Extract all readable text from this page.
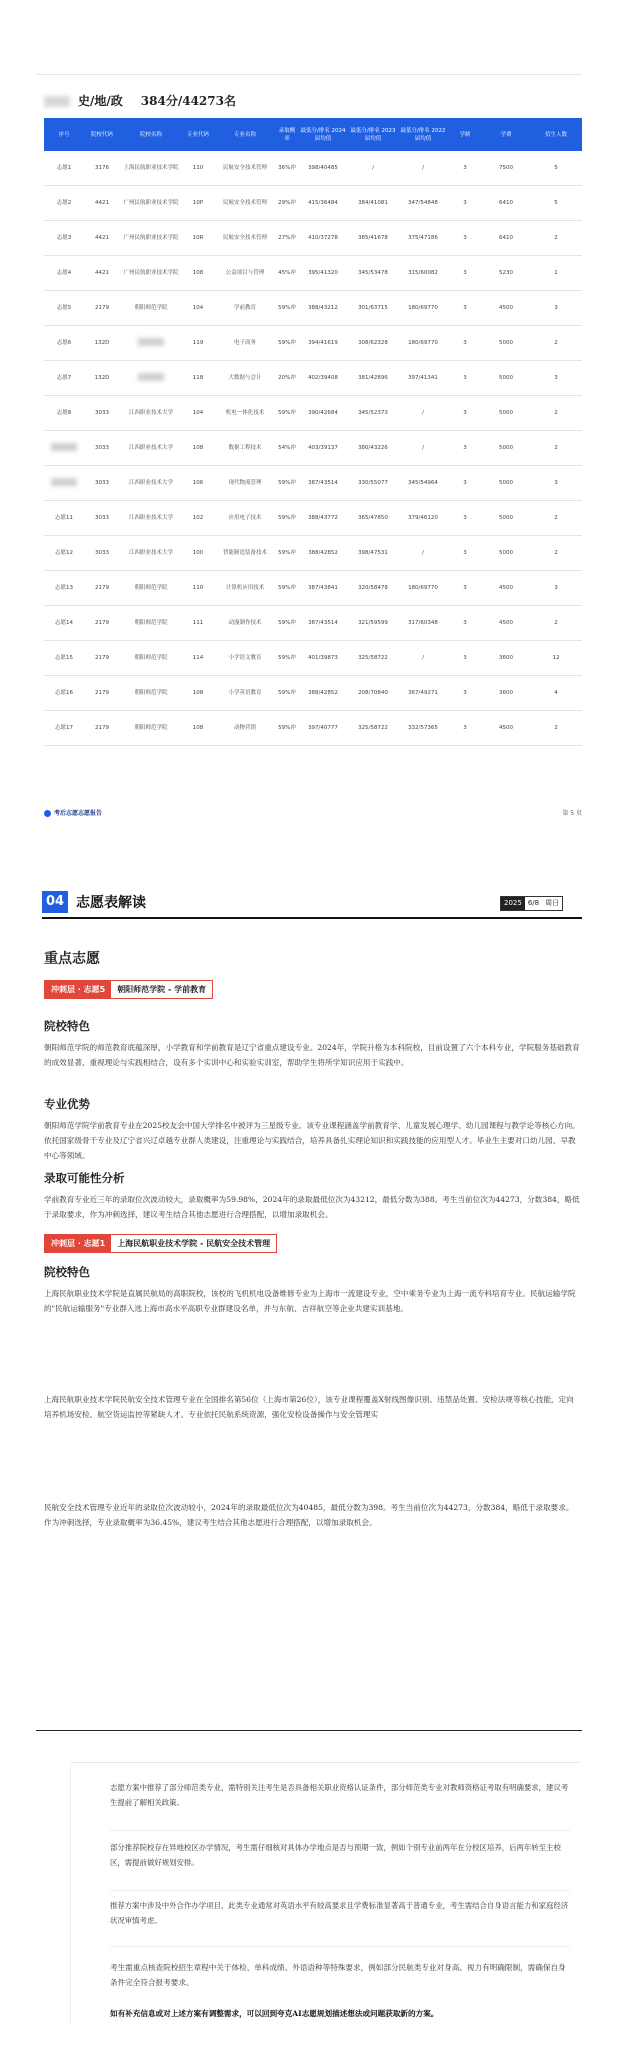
史/地/政 384分/44273名
序号	院校代码	院校名称	专业代码	专业名称	录取概率	最低分/排名 2024届均值	最低分/排名 2023届均值	最低分/排名 2022届均值	学制	学费	招生人数
志愿1	3176	上海民航职业技术学院	110	民航安全技术管理	36%冲	398/40485	/	/	3	7500	5
志愿2	4421	广州民航职业技术学院	10P	民航安全技术管理	29%冲	415/36484	384/41081	347/54848	3	6410	5
志愿3	4421	广州民航职业技术学院	10R	民航安全技术管理	27%冲	410/37278	385/41678	375/47186	3	6410	2
志愿4	4421	广州民航职业技术学院	108	公益项目与管理	45%冲	395/41320	345/53478	315/60082	3	5230	1
志愿5	2179	朝阳师范学院	104	学前教育	59%冲	388/43212	301/63715	180/69770	3	4500	3
志愿6	132D		119	电子商务	59%冲	394/41619	308/62328	180/69770	3	5000	2
志愿7	132D		118	大数据与会计	20%冲	402/39408	381/42896	397/41341	3	5000	3
志愿8	3033	江西职业技术大学	104	机电一体化技术	59%冲	390/42684	345/52373	/	3	5000	2
	3033	江西职业技术大学	108	数据工程技术	54%冲	403/39137	380/43226	/	3	5000	2
	3033	江西职业技术大学	106	现代物流管理	59%冲	387/43514	330/55077	345/54964	3	5000	3
志愿11	3033	江西职业技术大学	102	应用电子技术	59%冲	388/43772	365/47850	379/46120	3	5000	2
志愿12	3033	江西职业技术大学	100	智能制造装备技术	59%冲	388/42852	398/47531	/	3	5000	2
志愿13	2179	朝阳师范学院	110	计算机应用技术	59%冲	387/43841	320/58478	180/69770	3	4500	3
志愿14	2179	朝阳师范学院	111	动漫制作技术	59%冲	387/43514	321/59599	317/60348	3	4500	2
志愿15	2179	朝阳师范学院	114	小学语文教育	59%冲	401/39873	325/58722	/	3	3600	12
志愿16	2179	朝阳师范学院	108	小学英语教育	59%冲	388/42852	208/70840	367/49271	3	3600	4
志愿17	2179	朝阳师范学院	108	动物营销	59%冲	397/40777	325/58722	332/57365	3	4500	2
考后志愿志愿报告	第 5 页
04 志愿表解读	2025 6/8 周日
重点志愿
冲刺层 · 志愿5 朝阳师范学院 - 学前教育
院校特色
朝阳师范学院的师范教育底蕴深厚，小学教育和学前教育是辽宁省重点建设专业。2024年，学院升格为本科院校，目前设置了六个本科专业，学院服务基础教育的成效显著，重视理论与实践相结合，设有多个实训中心和实验实训室，帮助学生将所学知识应用于实践中。
专业优势
朝阳师范学院学前教育专业在2025校友会中国大学排名中被评为三星级专业。该专业课程涵盖学前教育学、儿童发展心理学、幼儿园课程与教学论等核心方向。依托国家级骨干专业及辽宁省兴辽卓越专业群人类建设，注重理论与实践结合，培养具备扎实理论知识和实践技能的应用型人才。毕业生主要对口幼儿园、早教中心等领域。
录取可能性分析
学前教育专业近三年的录取位次波动较大，录取概率为59.98%，2024年的录取最低位次为43212，最低分数为388。考生当前位次为44273，分数384，略低于录取要求，作为冲刺选择，建议考生结合其他志愿进行合理搭配，以增加录取机会。
冲刺层 · 志愿1 上海民航职业技术学院 - 民航安全技术管理
院校特色
上海民航职业技术学院是直属民航局的高职院校，该校的飞机机电设备维修专业为上海市一流建设专业，空中乘务专业为上海一流专科培育专业。民航运输学院的"民航运输服务"专业群入选上海市高水平高职专业群建设名单，并与东航、吉祥航空等企业共建实训基地。
上海民航职业技术学院民航安全技术管理专业在全国排名第56位（上海市第26位），该专业课程覆盖X射线图像识别、违禁品处置、安检法规等核心技能，定向培养机场安检、航空货运监控等紧缺人才。专业依托民航系统资源，强化安检设备操作与安全管理实
民航安全技术管理专业近年的录取位次波动较小，2024年的录取最低位次为40485，最低分数为398。考生当前位次为44273，分数384，略低于录取要求。作为冲刺选择，专业录取概率为36.45%，建议考生结合其他志愿进行合理搭配，以增加录取机会。
志愿方案中推荐了部分师范类专业，需特别关注考生是否具备相关职业资格认证条件，部分师范类专业对教师资格证考取有明确要求，建议考生提前了解相关政策。
部分推荐院校存在异地校区办学情况，考生需仔细核对具体办学地点是否与预期一致，例如个别专业前两年在分校区培养，后两年转至主校区，需提前做好规划安排。
推荐方案中涉及中外合作办学项目，此类专业通常对英语水平有较高要求且学费标准显著高于普通专业，考生需结合自身语言能力和家庭经济状况审慎考虑。
考生需重点核查院校招生章程中关于体检、单科成绩、外语语种等特殊要求，例如部分民航类专业对身高、视力有明确限制，需确保自身条件完全符合报考要求。
如有补充信息或对上述方案有调整需求，可以回到夸克AI志愿规划描述想法或问题获取新的方案。
